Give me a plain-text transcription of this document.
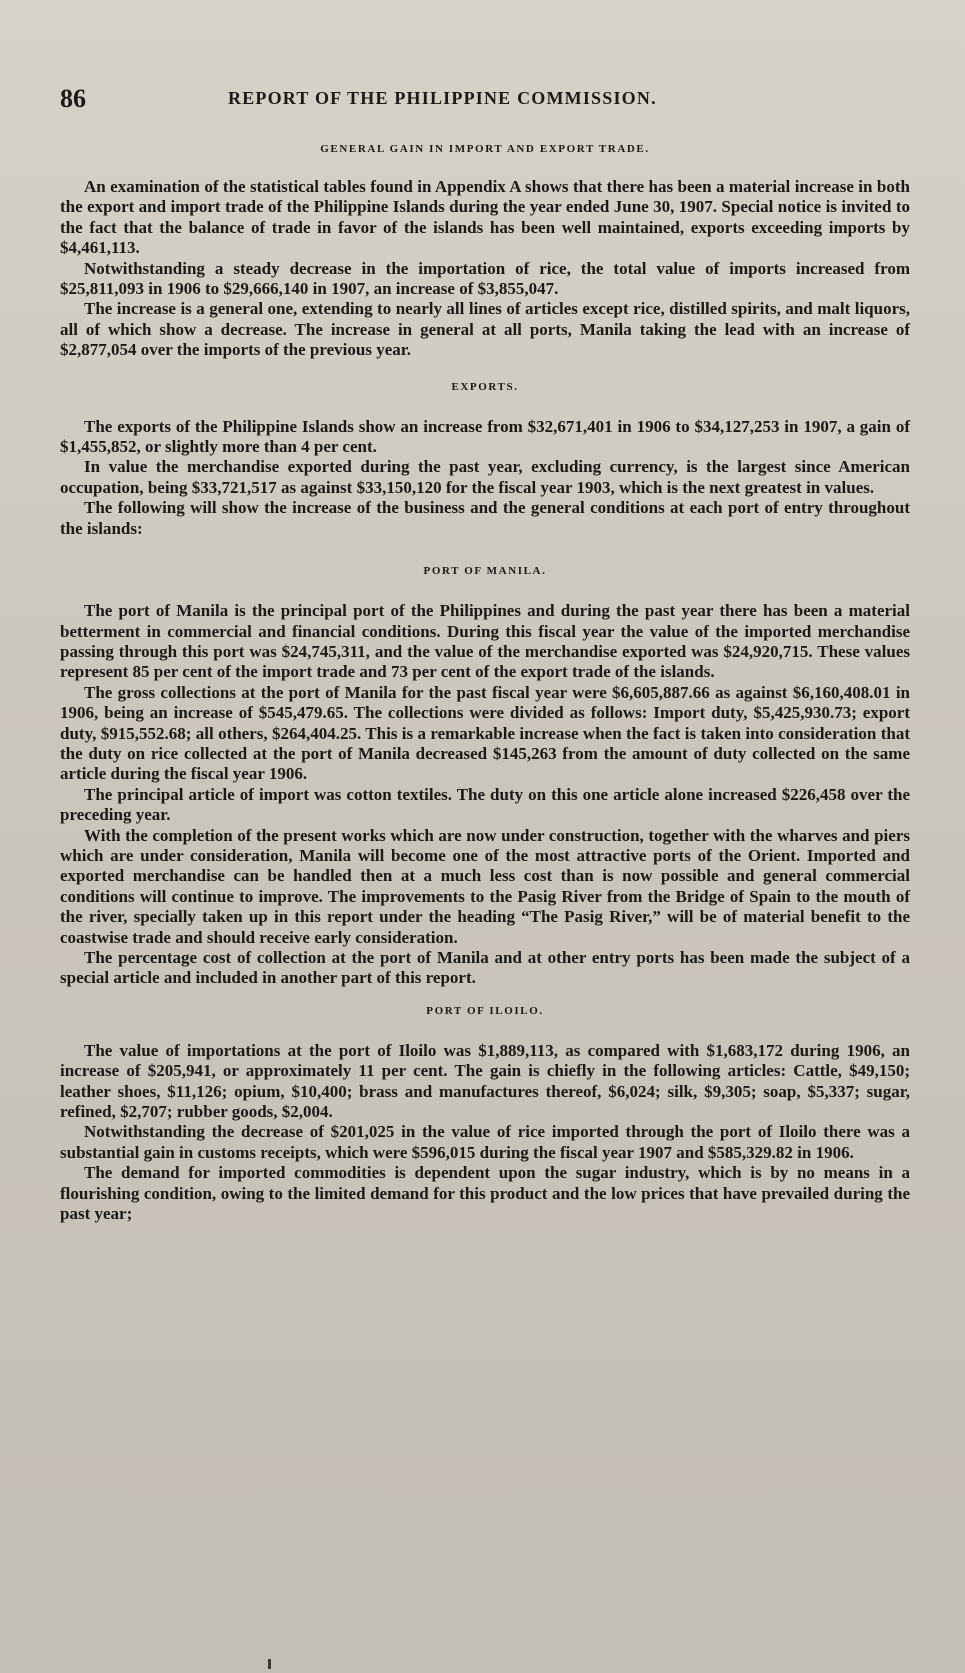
86	REPORT OF THE PHILIPPINE COMMISSION.
GENERAL GAIN IN IMPORT AND EXPORT TRADE.

An examination of the statistical tables found in Appendix A shows that there has been a material increase in both the export and import trade of the Philippine Islands during the year ended June 30, 1907. Special notice is invited to the fact that the balance of trade in favor of the islands has been well maintained, exports exceeding imports by $4,461,113.

Notwithstanding a steady decrease in the importation of rice, the total value of imports increased from $25,811,093 in 1906 to $29,666,140 in 1907, an increase of $3,855,047.

The increase is a general one, extending to nearly all lines of articles except rice, distilled spirits, and malt liquors, all of which show a decrease. The increase in general at all ports, Manila taking the lead with an increase of $2,877,054 over the imports of the previous year.

EXPORTS.

The exports of the Philippine Islands show an increase from $32,671,401 in 1906 to $34,127,253 in 1907, a gain of $1,455,852, or slightly more than 4 per cent.

In value the merchandise exported during the past year, excluding currency, is the largest since American occupation, being $33,721,517 as against $33,150,120 for the fiscal year 1903, which is the next greatest in values.

The following will show the increase of the business and the general conditions at each port of entry throughout the islands:

PORT OF MANILA.

The port of Manila is the principal port of the Philippines and during the past year there has been a material betterment in commercial and financial conditions. During this fiscal year the value of the imported merchandise passing through this port was $24,745,311, and the value of the merchandise exported was $24,920,715. These values represent 85 per cent of the import trade and 73 per cent of the export trade of the islands.

The gross collections at the port of Manila for the past fiscal year were $6,605,887.66 as against $6,160,408.01 in 1906, being an increase of $545,479.65. The collections were divided as follows: Import duty, $5,425,930.73; export duty, $915,552.68; all others, $264,404.25. This is a remarkable increase when the fact is taken into consideration that the duty on rice collected at the port of Manila decreased $145,263 from the amount of duty collected on the same article during the fiscal year 1906.

The principal article of import was cotton textiles. The duty on this one article alone increased $226,458 over the preceding year.

With the completion of the present works which are now under construction, together with the wharves and piers which are under consideration, Manila will become one of the most attractive ports of the Orient. Imported and exported merchandise can be handled then at a much less cost than is now possible and general commercial conditions will continue to improve. The improvements to the Pasig River from the Bridge of Spain to the mouth of the river, specially taken up in this report under the heading “The Pasig River,” will be of material benefit to the coastwise trade and should receive early consideration.

The percentage cost of collection at the port of Manila and at other entry ports has been made the subject of a special article and included in another part of this report.

PORT OF ILOILO.

The value of importations at the port of Iloilo was $1,889,113, as compared with $1,683,172 during 1906, an increase of $205,941, or approximately 11 per cent. The gain is chiefly in the following articles: Cattle, $49,150; leather shoes, $11,126; opium, $10,400; brass and manufactures thereof, $6,024; silk, $9,305; soap, $5,337; sugar, refined, $2,707; rubber goods, $2,004.

Notwithstanding the decrease of $201,025 in the value of rice imported through the port of Iloilo there was a substantial gain in customs receipts, which were $596,015 during the fiscal year 1907 and $585,329.82 in 1906.

The demand for imported commodities is dependent upon the sugar industry, which is by no means in a flourishing condition, owing to the limited demand for this product and the low prices that have prevailed during the past year;
